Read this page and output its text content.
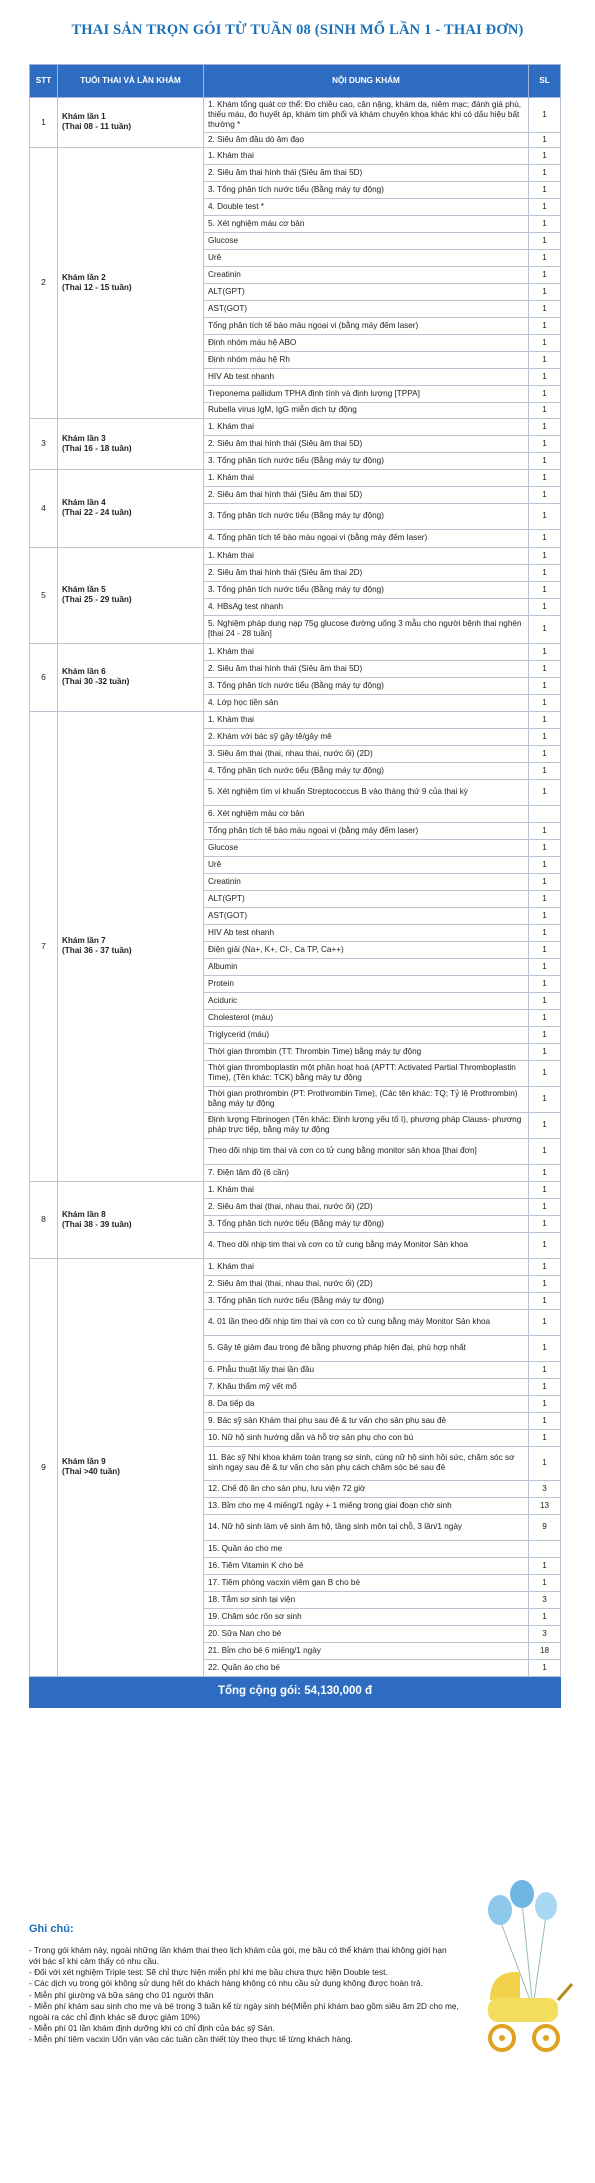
THAI SẢN TRỌN GÓI TỪ TUẦN 08 (SINH MỔ LẦN 1 - THAI ĐƠN)
STT	TUỔI THAI VÀ LẦN KHÁM	NỘI DUNG KHÁM	SL
1	Khám lần 1
(Thai 08 - 11 tuần)	1. Khám tổng quát cơ thể: Đo chiều cao, cân nặng, khám da, niêm mạc; đánh giá phù, thiếu máu, đo huyết áp, khám tim phổi và khám chuyên khoa khác khi có dấu hiệu bất thường *	1
		2. Siêu âm đầu dò âm đạo	1
2	Khám lần 2
(Thai 12 - 15 tuần)	1. Khám thai	1
		2. Siêu âm thai hình thái (Siêu âm thai 5D)	1
		3. Tổng phân tích nước tiểu (Bằng máy tự động)	1
		4. Double test *	1
		5. Xét nghiệm máu cơ bản	1
		Glucose	1
		Urê	1
		Creatinin	1
		ALT(GPT)	1
		AST(GOT)	1
		Tổng phân tích tế bào máu ngoại vi (bằng máy đếm laser)	1
		Định nhóm máu hệ ABO	1
		Định nhóm máu hệ Rh	1
		HIV Ab test nhanh	1
		Treponema pallidum TPHA định tính và định lượng [TPPA]	1
		Rubella virus IgM, IgG miễn dịch tự động	1
3	Khám lần 3
(Thai 16 - 18 tuần)	1. Khám thai	1
		2. Siêu âm thai hình thái (Siêu âm thai 5D)	1
		3. Tổng phân tích nước tiểu (Bằng máy tự động)	1
4	Khám lần 4
(Thai 22 - 24 tuần)	1. Khám thai	1
		2. Siêu âm thai hình thái (Siêu âm thai 5D)	1
		3. Tổng phân tích nước tiểu (Bằng máy tự động)	1
		4. Tổng phân tích tế bào máu ngoại vi (bằng máy đếm laser)	1
5	Khám lần 5
(Thai 25 - 29 tuần)	1. Khám thai	1
		2. Siêu âm thai hình thái (Siêu âm thai 2D)	1
		3. Tổng phân tích nước tiểu (Bằng máy tự động)	1
		4. HBsAg test nhanh	1
		5. Nghiệm pháp dung nạp 75g glucose đường uống 3 mẫu cho người bệnh thai nghén [thai 24 - 28 tuần]	1
6	Khám lần 6
(Thai 30 -32 tuần)	1. Khám thai	1
		2. Siêu âm thai hình thái (Siêu âm thai 5D)	1
		3. Tổng phân tích nước tiểu (Bằng máy tự động)	1
		4. Lớp học tiền sản	1
7	Khám lần 7
(Thai 36 - 37 tuần)	1. Khám thai	1
		2. Khám với bác sỹ gây tê/gây mê	1
		3. Siêu âm thai (thai, nhau thai, nước ối) (2D)	1
		4. Tổng phân tích nước tiểu (Bằng máy tự động)	1
		5. Xét nghiệm tìm vi khuẩn Streptococcus B vào tháng thứ 9 của thai kỳ	1
		6. Xét nghiệm máu cơ bản	
		Tổng phân tích tế bào máu ngoại vi (bằng máy đếm laser)	1
		Glucose	1
		Urê	1
		Creatinin	1
		ALT(GPT)	1
		AST(GOT)	1
		HIV Ab test nhanh	1
		Điện giải (Na+, K+, Cl-, Ca TP, Ca++)	1
		Albumin	1
		Protein	1
		Aciduric	1
		Cholesterol (máu)	1
		Triglycerid (máu)	1
		Thời gian thrombin (TT: Thrombin Time) bằng máy tự động	1
		Thời gian thromboplastin một phần hoạt hoá (APTT: Activated Partial Thromboplastin Time), (Tên khác: TCK) bằng máy tự động	1
		Thời gian prothrombin (PT: Prothrombin Time), (Các tên khác: TQ; Tỷ lệ Prothrombin) bằng máy tự động	1
		Định lượng Fibrinogen (Tên khác: Định lượng yếu tố I), phương pháp Clauss- phương pháp trực tiếp, bằng máy tự động	1
		Theo dõi nhịp tim thai và cơn co tử cung bằng monitor sản khoa [thai đơn]	1
		7. Điện tâm đồ (6 cần)	1
8	Khám lần 8
(Thai 38 - 39 tuần)	1. Khám thai	1
		2. Siêu âm thai (thai, nhau thai, nước ối) (2D)	1
		3. Tổng phân tích nước tiểu (Bằng máy tự động)	1
		4. Theo dõi nhịp tim thai và cơn co tử cung bằng máy Monitor Sản khoa	1
9	Khám lần 9
(Thai >40 tuần)	1. Khám thai	1
		2. Siêu âm thai (thai, nhau thai, nước ối) (2D)	1
		3. Tổng phân tích nước tiểu (Bằng máy tự động)	1
		4. 01 lần theo dõi nhịp tim thai và cơn co tử cung bằng máy Monitor Sản khoa	1
		5. Gây tê giảm đau trong đẻ bằng phương pháp hiện đại, phù hợp nhất	1
		6. Phẫu thuật lấy thai lần đầu	1
		7. Khâu thẩm mỹ vết mổ	1
		8. Da tiếp da	1
		9. Bác sỹ sản Khám thai phụ sau đẻ & tư vấn cho sản phụ sau đẻ	1
		10. Nữ hộ sinh hướng dẫn và hỗ trợ sản phụ cho con bú	1
		11. Bác sỹ Nhi khoa khám toàn trạng sơ sinh, cùng nữ hộ sinh hồi sức, chăm sóc sơ sinh ngay sau đẻ & tư vấn cho sản phụ cách chăm sóc bé sau đẻ	1
		12. Chế độ ăn cho sản phụ, lưu viện 72 giờ	3
		13. Bỉm cho mẹ 4 miếng/1 ngày + 1 miếng trong giai đoạn chờ sinh	13
		14. Nữ hộ sinh làm vệ sinh âm hộ, tầng sinh môn tại chỗ, 3 lần/1 ngày	9
		15. Quần áo cho mẹ	
		16. Tiêm Vitamin K cho bé	1
		17. Tiêm phòng vacxin viêm gan B cho bé	1
		18. Tắm sơ sinh tại viện	3
		19. Chăm sóc rốn sơ sinh	1
		20. Sữa Nan cho bé	3
		21. Bỉm cho bé 6 miếng/1 ngày	18
		22. Quần áo cho bé	1
Tổng cộng gói: 54,130,000 đ			
Ghi chú:

- Trong gói khám này, ngoài những lần khám thai theo lịch khám của gói, mẹ bầu có thể khám thai không giới hạn với bác sĩ khi cảm thấy có nhu cầu.

- Đối với xét nghiệm Triple test: Sẽ chỉ thực hiện miễn phí khi mẹ bầu chưa thực hiện Double test.

- Các dịch vụ trong gói không sử dụng hết do khách hàng không có nhu cầu sử dụng không được hoàn trả.

- Miễn phí giường và bữa sáng cho 01 người thân

- Miễn phí khám sau sinh cho mẹ và bé trong 3 tuần kể từ ngày sinh bé(Miễn phí khám bao gồm siêu âm 2D cho mẹ, ngoài ra các chỉ định khác sẽ được giảm 10%)

- Miễn phí 01 lần khám định dưỡng khi có chỉ định của bác sỹ Sản.

- Miễn phí tiêm vacxin Uốn ván vào các tuần cần thiết tùy theo thực tế từng khách hàng.
